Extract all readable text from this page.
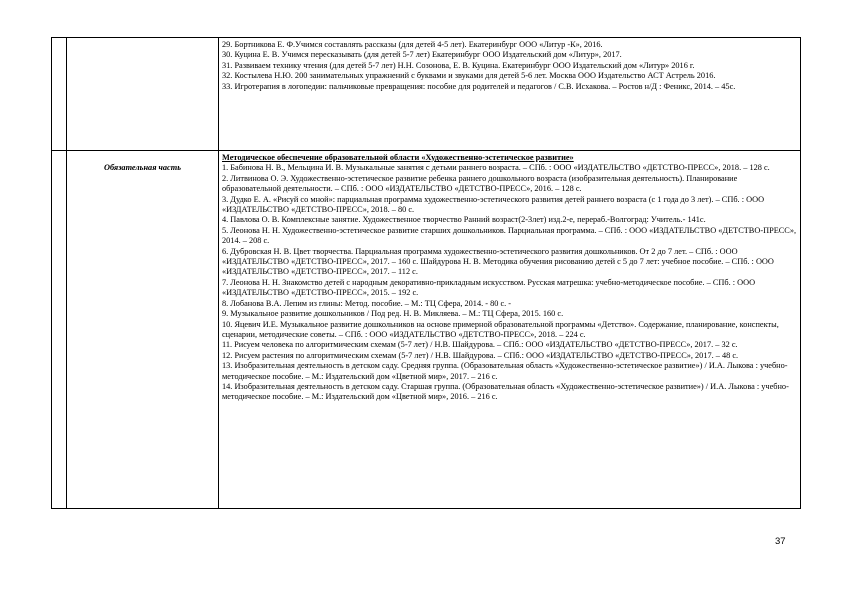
29. Бортникова Е. Ф.Учимся составлять рассказы (для детей 4-5 лет). Екатеринбург ООО «Литур -К», 2016.

30. Куцина Е. В. Учимся пересказывать (для детей 5-7 лет) Екатеринбург ООО Издательский дом «Литур», 2017.

31. Развиваем технику чтения (для детей 5-7 лет) Н.Н. Созонова, Е. В. Куцина. Екатеринбург ООО Издательский дом «Литур» 2016 г.

32. Костылева Н.Ю. 200 занимательных упражнений с буквами и звуками для детей 5-6 лет. Москва ООО Издательство АСТ Астрель 2016.

33. Игротерапия в логопедии: пальчиковые превращения: пособие для родителей и педагогов / С.В. Исхакова. – Ростов н/Д : Феникс, 2014. – 45с.

Обязательная часть

Методическое обеспечение образовательной области «Художественно-эстетическое развитие»

1. Бабинова Н. В., Мельцина И. В. Музыкальные занятия с детьми раннего возраста. – СПб. : ООО «ИЗДАТЕЛЬСТВО «ДЕТСТВО-ПРЕСС», 2018. – 128 с.

2. Литвинова О. Э. Художественно-эстетическое развитие ребенка раннего дошкольного возраста (изобразительная деятельность). Планирование образовательной деятельности. – СПб. : ООО «ИЗДАТЕЛЬСТВО «ДЕТСТВО-ПРЕСС», 2016. – 128 с.

3. Дудко Е. А. «Рисуй со мной»: парциальная программа художественно-эстетического развития детей раннего возраста (с 1 года до 3 лет). – СПб. : ООО «ИЗДАТЕЛЬСТВО «ДЕТСТВО-ПРЕСС», 2018. – 80 с.

4. Павлова О. В. Комплексные занятие. Художественное творчество Ранний возраст(2-3лет) изд.2-е, перераб.-Волгоград: Учитель.- 141с.

5. Леонова Н. Н. Художественно-эстетическое развитие старших дошкольников. Парциальная программа. – СПб. : ООО «ИЗДАТЕЛЬСТВО «ДЕТСТВО-ПРЕСС», 2014. – 208 с.

6. Дубровская Н. В. Цвет творчества. Парциальная программа художественно-эстетического развития дошкольников. От 2 до 7 лет. – СПб. : ООО «ИЗДАТЕЛЬСТВО «ДЕТСТВО-ПРЕСС», 2017. – 160 с. Шайдурова Н. В. Методика обучения рисованию детей с 5 до 7 лет: учебное пособие. – СПб. : ООО «ИЗДАТЕЛЬСТВО «ДЕТСТВО-ПРЕСС», 2017. – 112 с.

7. Леонова Н. Н. Знакомство детей с народным декоративно-прикладным искусством. Русская матрешка: учебно-методическое пособие. – СПб. : ООО «ИЗДАТЕЛЬСТВО «ДЕТСТВО-ПРЕСС», 2015. – 192 с.

8. Лобанова В.А. Лепим из глины: Метод. пособие. – М.: ТЦ Сфера, 2014. - 80 с. -

9. Музыкальное развитие дошкольников / Под ред. Н. В. Микляева. – М.: ТЦ Сфера, 2015. 160 с.

10. Яцевич И.Е. Музыкальное развитие дошкольников на основе примерной образовательной программы «Детство». Содержание, планирование, конспекты, сценарии, методические советы. – СПб. : ООО «ИЗДАТЕЛЬСТВО «ДЕТСТВО-ПРЕСС», 2018. – 224 с.

11. Рисуем человека по алгоритмическим схемам (5-7 лет) / Н.В. Шайдурова. – СПб.: ООО «ИЗДАТЕЛЬСТВО «ДЕТСТВО-ПРЕСС», 2017. – 32 с.

12. Рисуем растения по алгоритмическим схемам (5-7 лет) / Н.В. Шайдурова. – СПб.: ООО «ИЗДАТЕЛЬСТВО «ДЕТСТВО-ПРЕСС», 2017. – 48 с.

13. Изобразительная деятельность в детском саду. Средняя группа. (Образовательная область «Художественно-эстетическое развитие») / И.А. Лыкова : учебно-методическое пособие. – М.: Издательский дом «Цветной мир», 2017. – 216 с.

14. Изобразительная деятельность в детском саду. Старшая группа. (Образовательная область «Художественно-эстетическое развитие») / И.А. Лыкова : учебно-методическое пособие. – М.: Издательский дом «Цветной мир», 2016. – 216 с.

37
